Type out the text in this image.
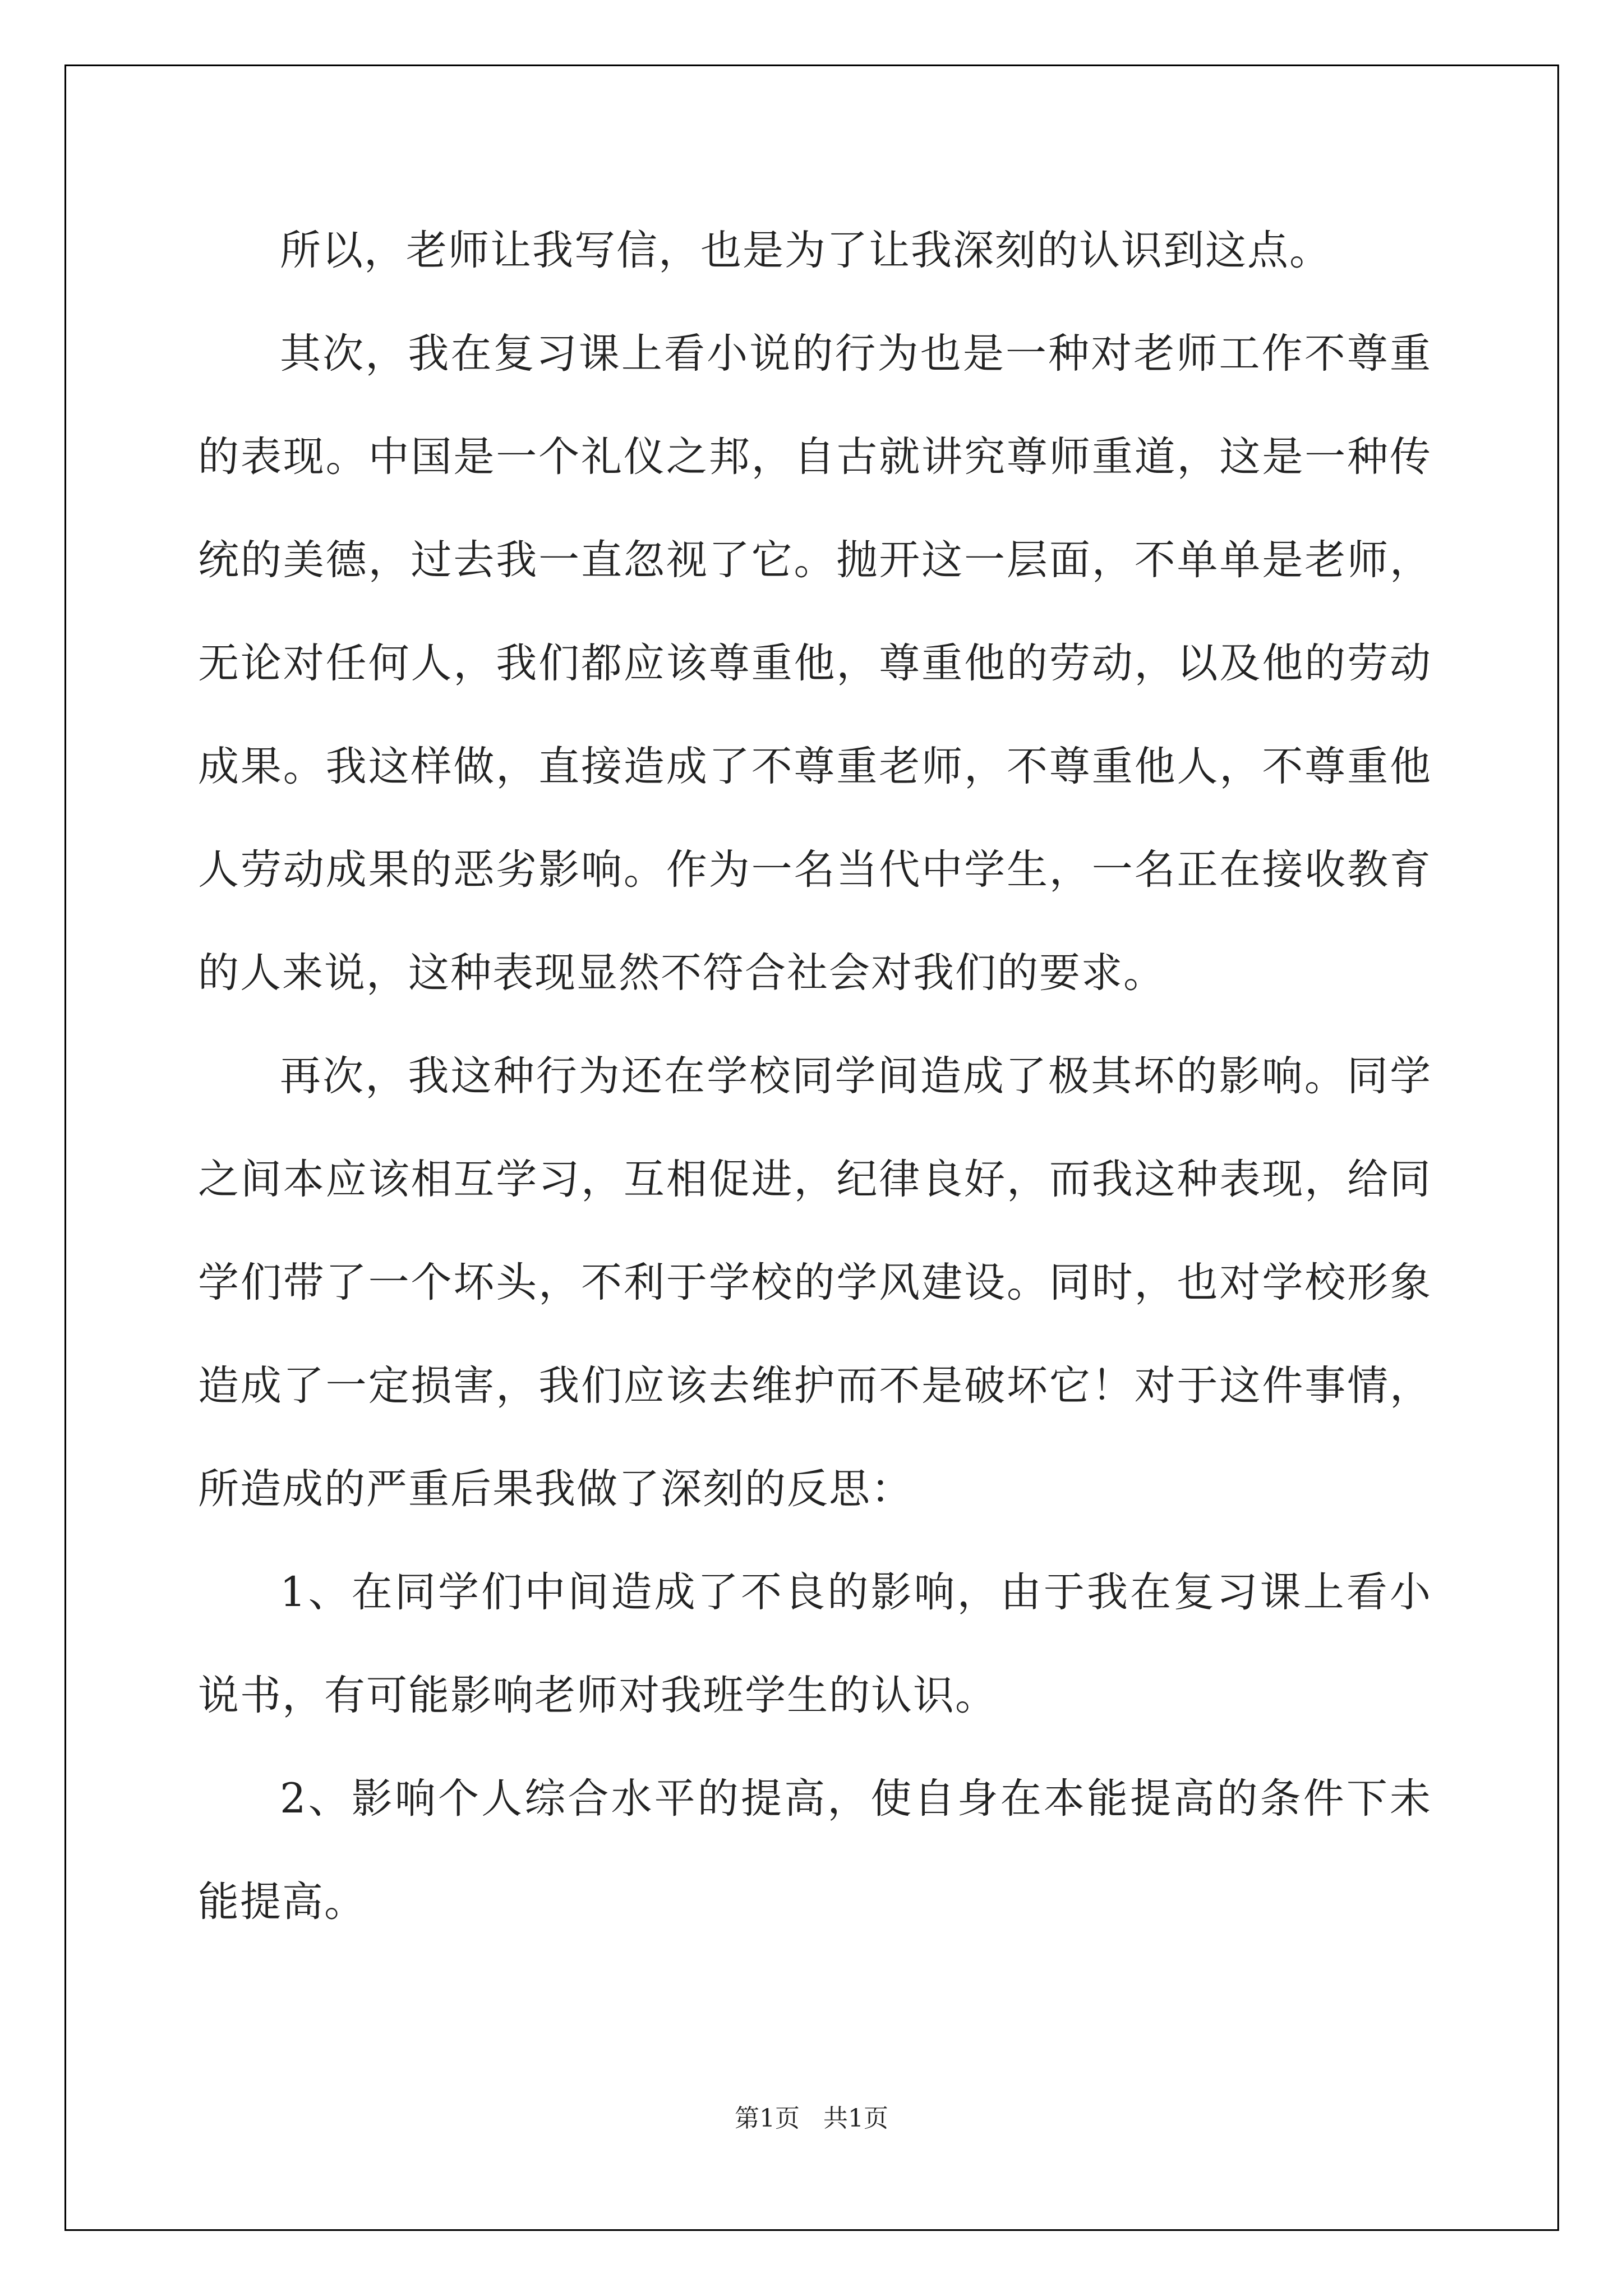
所以，老师让我写信，也是为了让我深刻的认识到这点。

其次，我在复习课上看小说的行为也是一种对老师工作不尊重的表现。中国是一个礼仪之邦，自古就讲究尊师重道，这是一种传统的美德，过去我一直忽视了它。抛开这一层面，不单单是老师，无论对任何人，我们都应该尊重他，尊重他的劳动，以及他的劳动成果。我这样做，直接造成了不尊重老师，不尊重他人，不尊重他人劳动成果的恶劣影响。作为一名当代中学生，一名正在接收教育的人来说，这种表现显然不符合社会对我们的要求。

再次，我这种行为还在学校同学间造成了极其坏的影响。同学之间本应该相互学习，互相促进，纪律良好，而我这种表现，给同学们带了一个坏头，不利于学校的学风建设。同时，也对学校形象造成了一定损害，我们应该去维护而不是破坏它！对于这件事情，所造成的严重后果我做了深刻的反思：

1、在同学们中间造成了不良的影响，由于我在复习课上看小说书，有可能影响老师对我班学生的认识。

2、影响个人综合水平的提高，使自身在本能提高的条件下未能提高。

第1页 共1页
